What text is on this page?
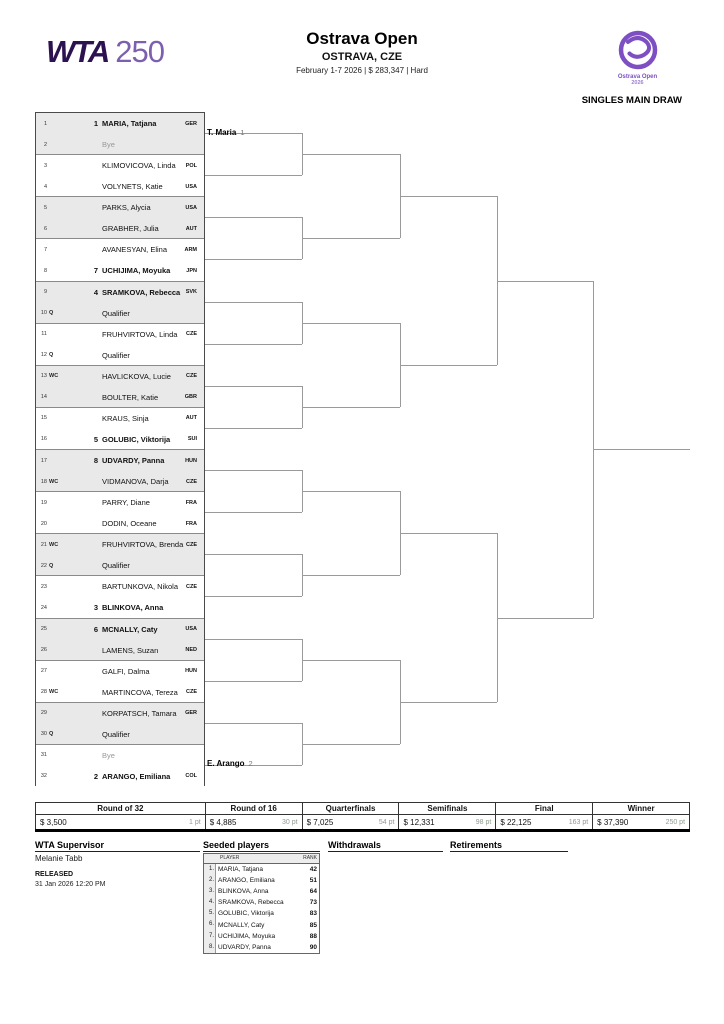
WTA 250	Ostrava Open
OSTRAVA, CZE
February 1-7 2026 | $ 283,347 | Hard
Ostrava Open
2026
SINGLES MAIN DRAW
1	1 MARIA, Tatjana	GER
2	Bye
3	KLIMOVICOVA, Linda	POL
4	VOLYNETS, Katie	USA
5	PARKS, Alycia	USA
6	GRABHER, Julia	AUT
7	AVANESYAN, Elina	ARM
8	7 UCHIJIMA, Moyuka	JPN
9	4 SRAMKOVA, Rebecca SVK
10 Q	Qualifier
11	FRUHVIRTOVA, Linda	CZE
12 Q	Qualifier
13 WC	HAVLICKOVA, Lucie	CZE
14	BOULTER, Katie	GBR
15	KRAUS, Sinja	AUT
16	5 GOLUBIC, Viktorija	SUI
17	8 UDVARDY, Panna	HUN
18 WC	VIDMANOVA, Darja	CZE
19	PARRY, Diane	FRA
20	DODIN, Oceane	FRA
21 WC	FRUHVIRTOVA, Brenda CZE
22 Q	Qualifier
23	BARTUNKOVA, Nikola	CZE
24	3 BLINKOVA, Anna
25	6 MCNALLY, Caty	USA
26	LAMENS, Suzan	NED
27	GALFI, Dalma	HUN
28 WC	MARTINCOVA, Tereza	CZE
29	KORPATSCH, Tamara	GER
30 Q	Qualifier
31	Bye
32	2 ARANGO, Emiliana	COL
T. Maria 1
E. Arango 2
Round of 32
$ 3,500	1 pt
Round of 16
$ 4,885	30 pt
Quarterfinals
$ 7,025	54 pt
Semifinals
$ 12,331	98 pt
Final
$ 22,125	163 pt
Winner
$ 37,390	250 pt
WTA Supervisor
Melanie Tabb
RELEASED
31 Jan 2026 12:20 PM
Seeded players
PLAYER	RANK
1. MARIA, Tatjana	42
2. ARANGO, Emiliana	51
3. BLINKOVA, Anna	64
4. SRAMKOVA, Rebecca	73
5. GOLUBIC, Viktorija	83
6. MCNALLY, Caty	85
7. UCHIJIMA, Moyuka	88
8. UDVARDY, Panna	90
Withdrawals	Retirements
